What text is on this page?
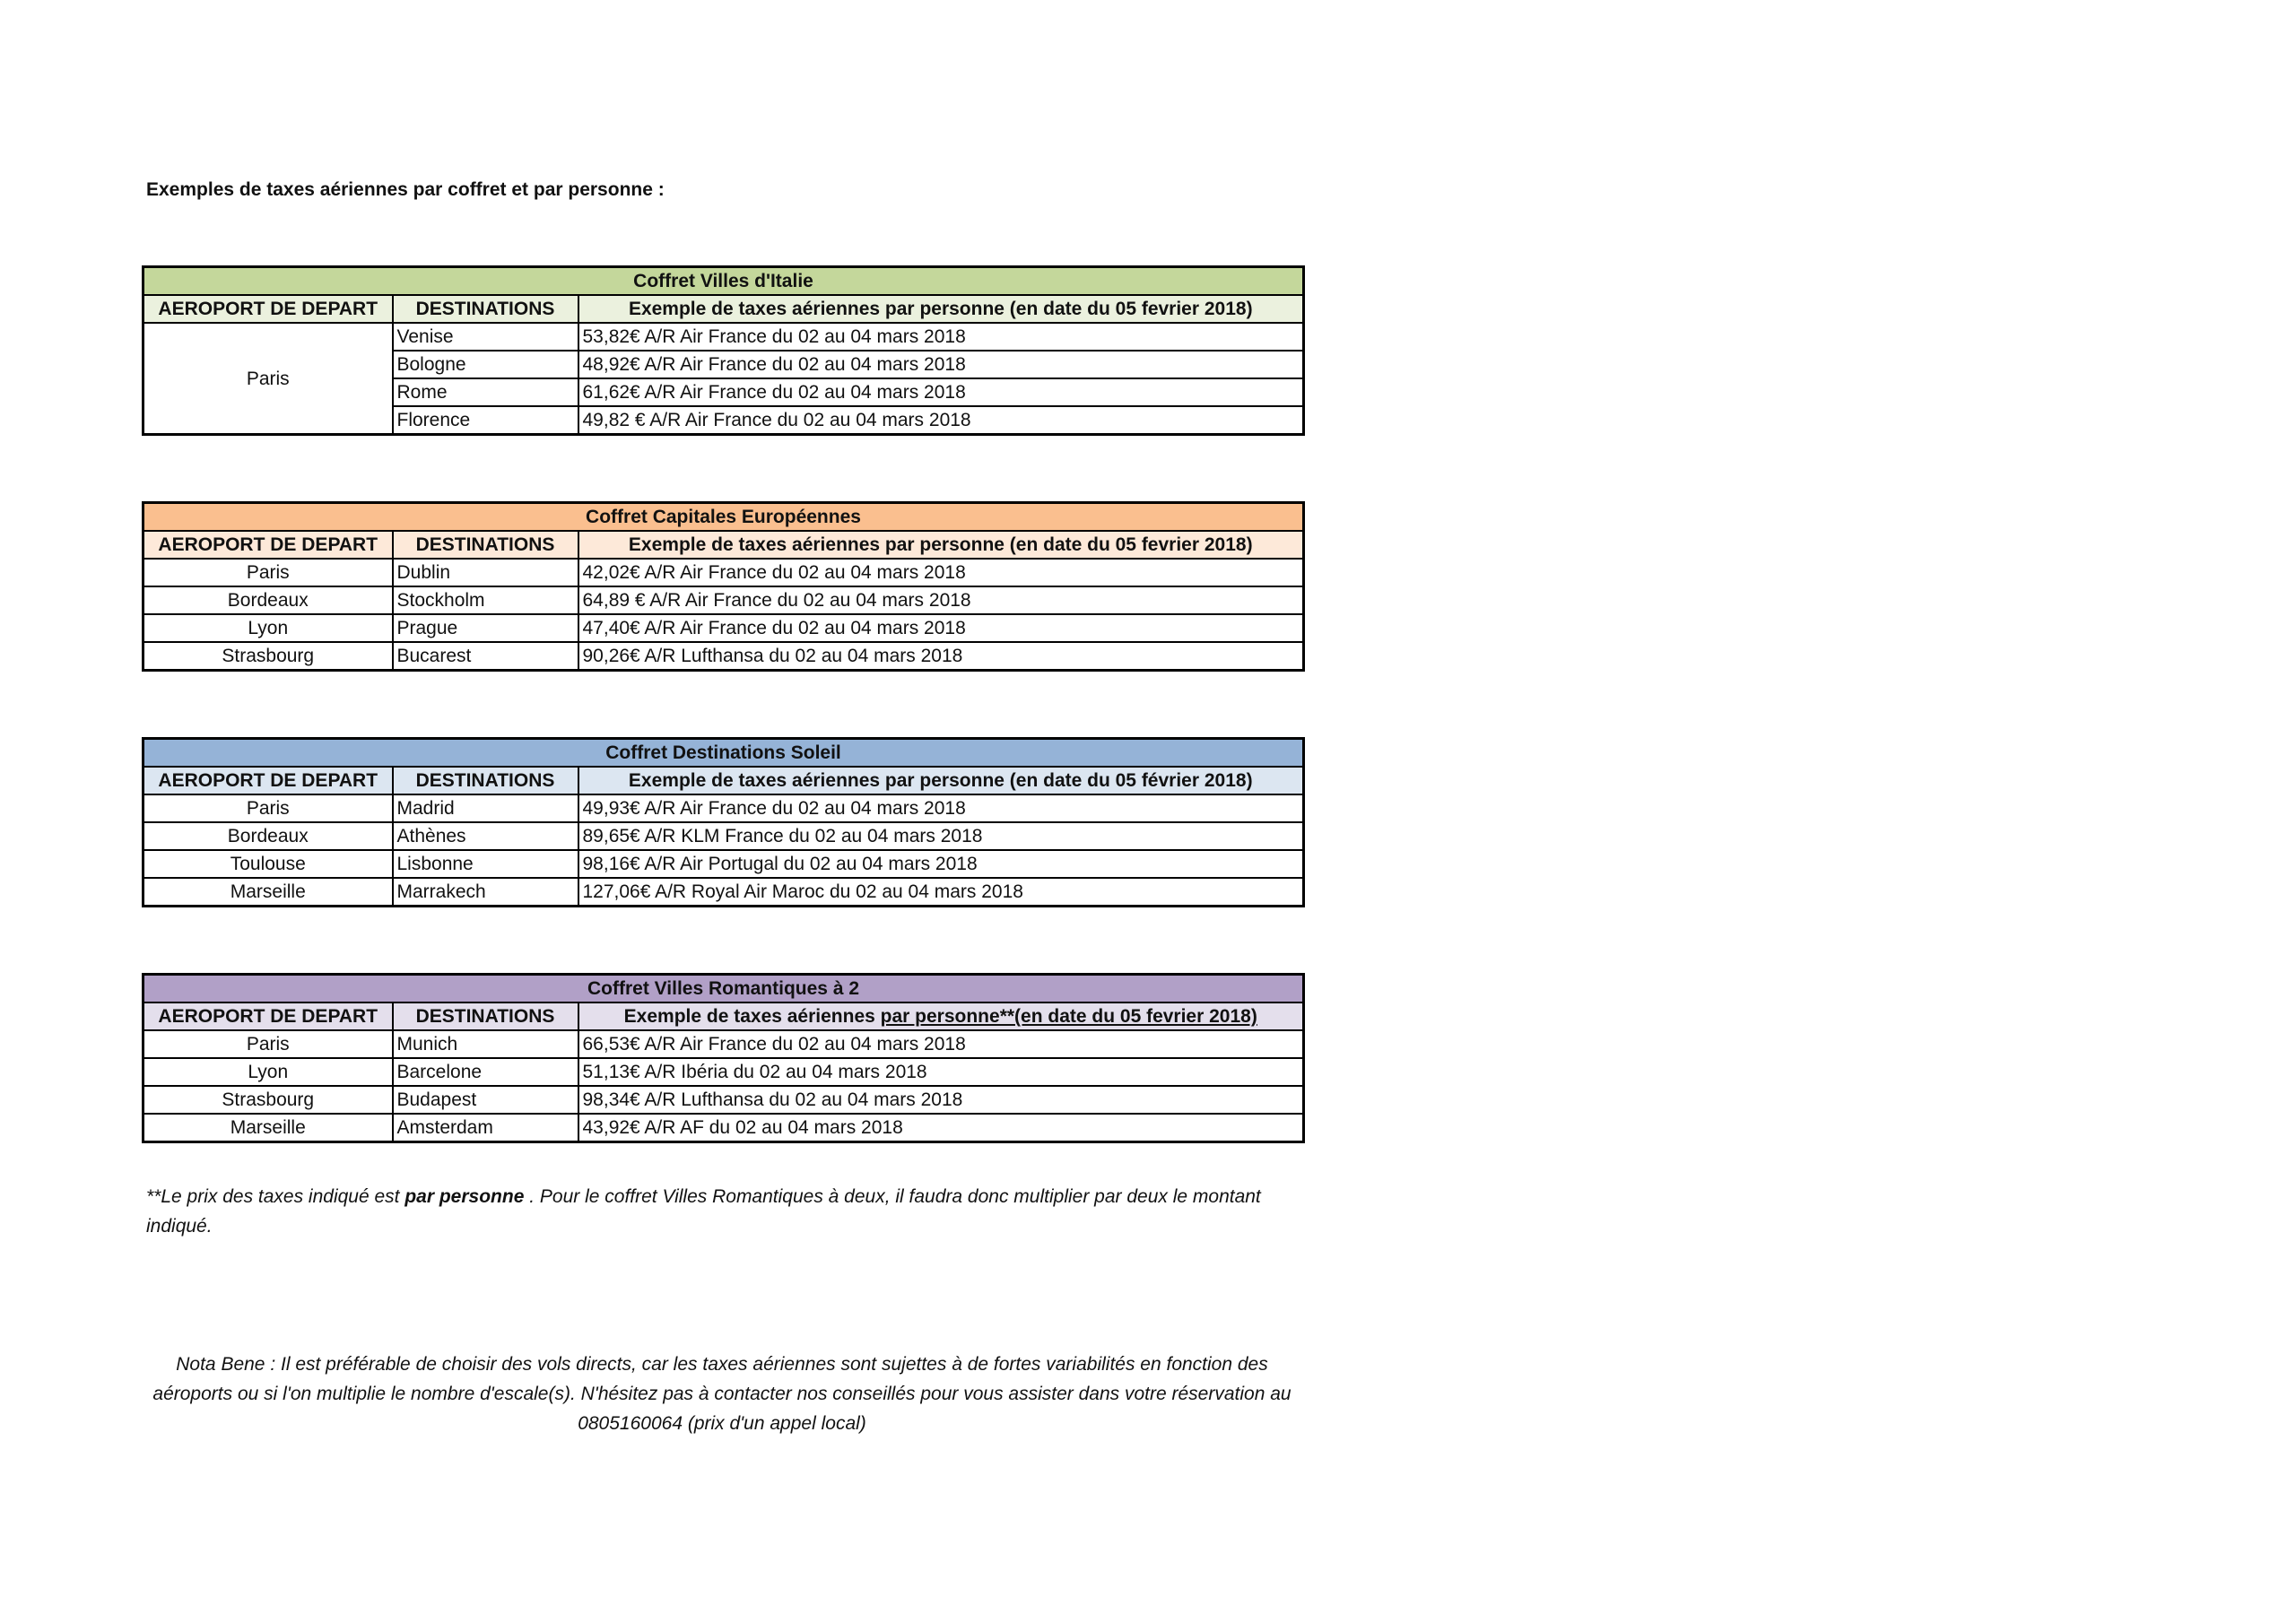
Exemples de taxes aériennes par coffret et par personne :
Coffret Villes d'Italie		
AEROPORT DE DEPART	DESTINATIONS	Exemple de taxes aériennes par personne (en date du 05 fevrier 2018)
Paris	Venise	53,82€ A/R Air France du 02 au 04 mars 2018
	Bologne	48,92€ A/R Air France du 02 au 04 mars 2018
	Rome	61,62€ A/R Air France du 02 au 04 mars 2018
	Florence	49,82 € A/R Air France du 02 au 04 mars 2018
Coffret Capitales Européennes		
AEROPORT DE DEPART	DESTINATIONS	Exemple de taxes aériennes par personne (en date du 05 fevrier 2018)
Paris	Dublin	42,02€ A/R Air France du 02 au 04 mars 2018
Bordeaux	Stockholm	64,89 € A/R Air France du 02 au 04 mars 2018
Lyon	Prague	47,40€ A/R Air France du 02 au 04 mars 2018
Strasbourg	Bucarest	90,26€ A/R Lufthansa du 02 au 04 mars 2018
Coffret Destinations Soleil		
AEROPORT DE DEPART	DESTINATIONS	Exemple de taxes aériennes par personne (en date du 05 février 2018)
Paris	Madrid	49,93€ A/R Air France du 02 au 04 mars 2018
Bordeaux	Athènes	89,65€ A/R KLM France du 02 au 04 mars 2018
Toulouse	Lisbonne	98,16€ A/R Air Portugal du 02 au 04 mars 2018
Marseille	Marrakech	127,06€ A/R Royal Air Maroc du 02 au 04 mars 2018
Coffret Villes Romantiques à 2		
AEROPORT DE DEPART	DESTINATIONS	Exemple de taxes aériennes par personne**(en date du 05 fevrier 2018)
Paris	Munich	66,53€ A/R Air France du 02 au 04 mars 2018
Lyon	Barcelone	51,13€ A/R Ibéria du 02 au 04 mars 2018
Strasbourg	Budapest	98,34€ A/R Lufthansa du 02 au 04 mars 2018
Marseille	Amsterdam	43,92€ A/R AF du 02 au 04 mars 2018

**Le prix des taxes indiqué est par personne . Pour le coffret Villes Romantiques à deux, il faudra donc multiplier par deux le montant indiqué.

Nota Bene : Il est préférable de choisir des vols directs, car les taxes aériennes sont sujettes à de fortes variabilités en fonction des aéroports ou si l'on multiplie le nombre d'escale(s). N'hésitez pas à contacter nos conseillés pour vous assister dans votre réservation au 0805160064 (prix d'un appel local)
